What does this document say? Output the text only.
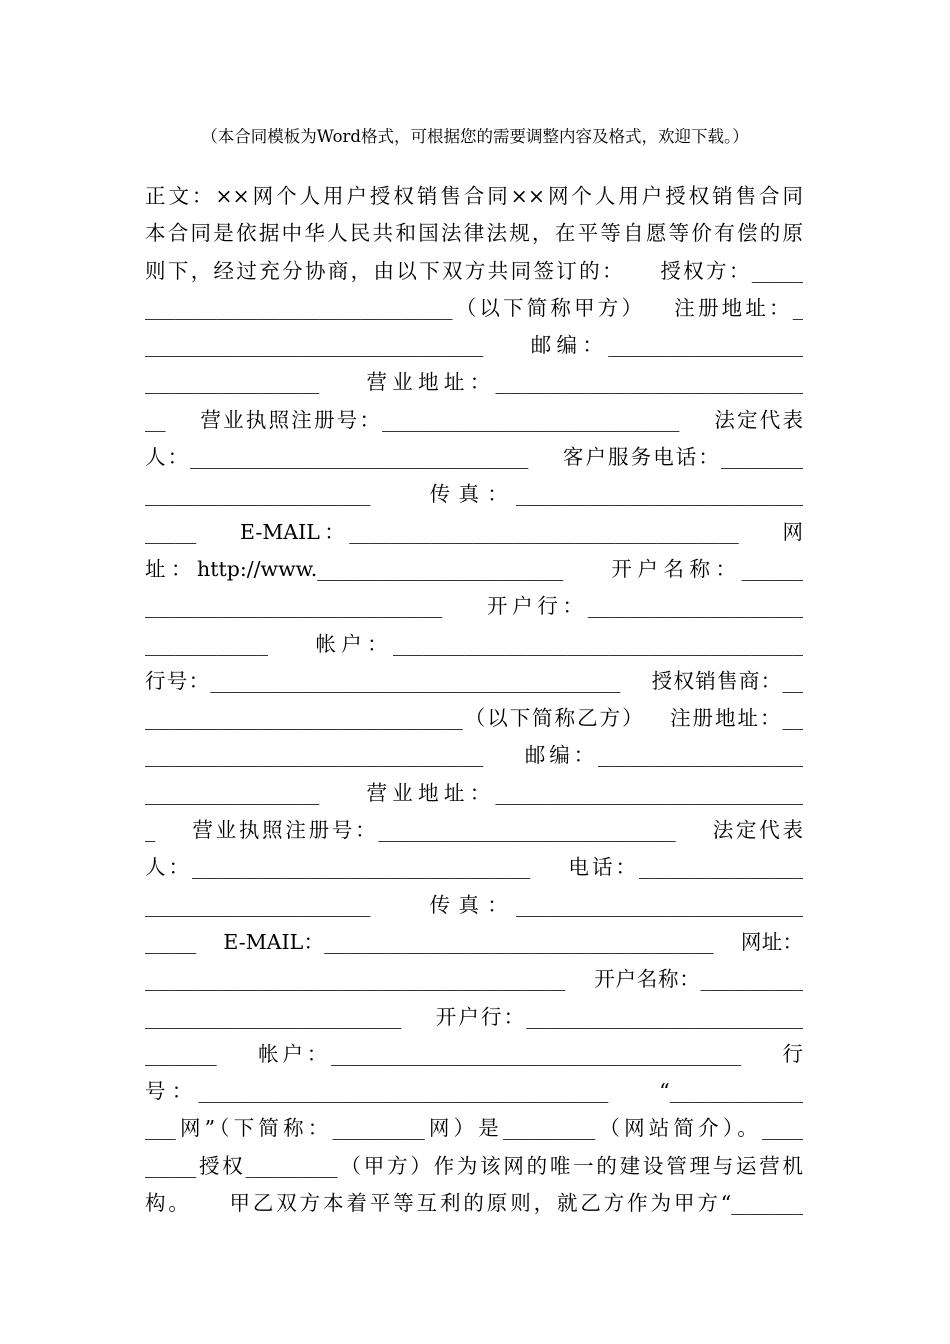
（本合同模板为Word格式，可根据您的需要调整内容及格式，欢迎下载。）
正文：××网个人用户授权销售合同××网个人用户授权销售合同
本合同是依据中华人民共和国法律法规，在平等自愿等价有偿的原
则下，经过充分协商，由以下双方共同签订的：    授权方：_____
______________________________（以下简称甲方）   注册地址：_
_________________________________    邮编：___________________
_________________    营业地址：______________________________
__    营业执照注册号：_____________________________    法定代表
人：_________________________________    客户服务电话：________
______________________    传真：____________________________
_____    E-MAIL：______________________________________    网
址：http://www.________________________    开户名称：______
_____________________________    开户行：_____________________
____________    帐户：________________________________________
行号：________________________________________    授权销售商：__
_______________________________（以下简称乙方）   注册地址：__
_________________________________    邮编：____________________
_________________    营业地址：______________________________
_    营业执照注册号：_____________________________    法定代表
人：_________________________________    电话：________________
______________________    传真：____________________________
_____    E-MAIL：______________________________________    网址：
_________________________________________    开户名称：__________
_________________________    开户行：___________________________
_______    帐户：________________________________________    行
号：________________________________________    “_____________
___网”（下简称：_________网）是_________（网站简介）。____
_____授权_________（甲方）作为该网的唯一的建设管理与运营机
构。    甲乙双方本着平等互利的原则，就乙方作为甲方“_______
